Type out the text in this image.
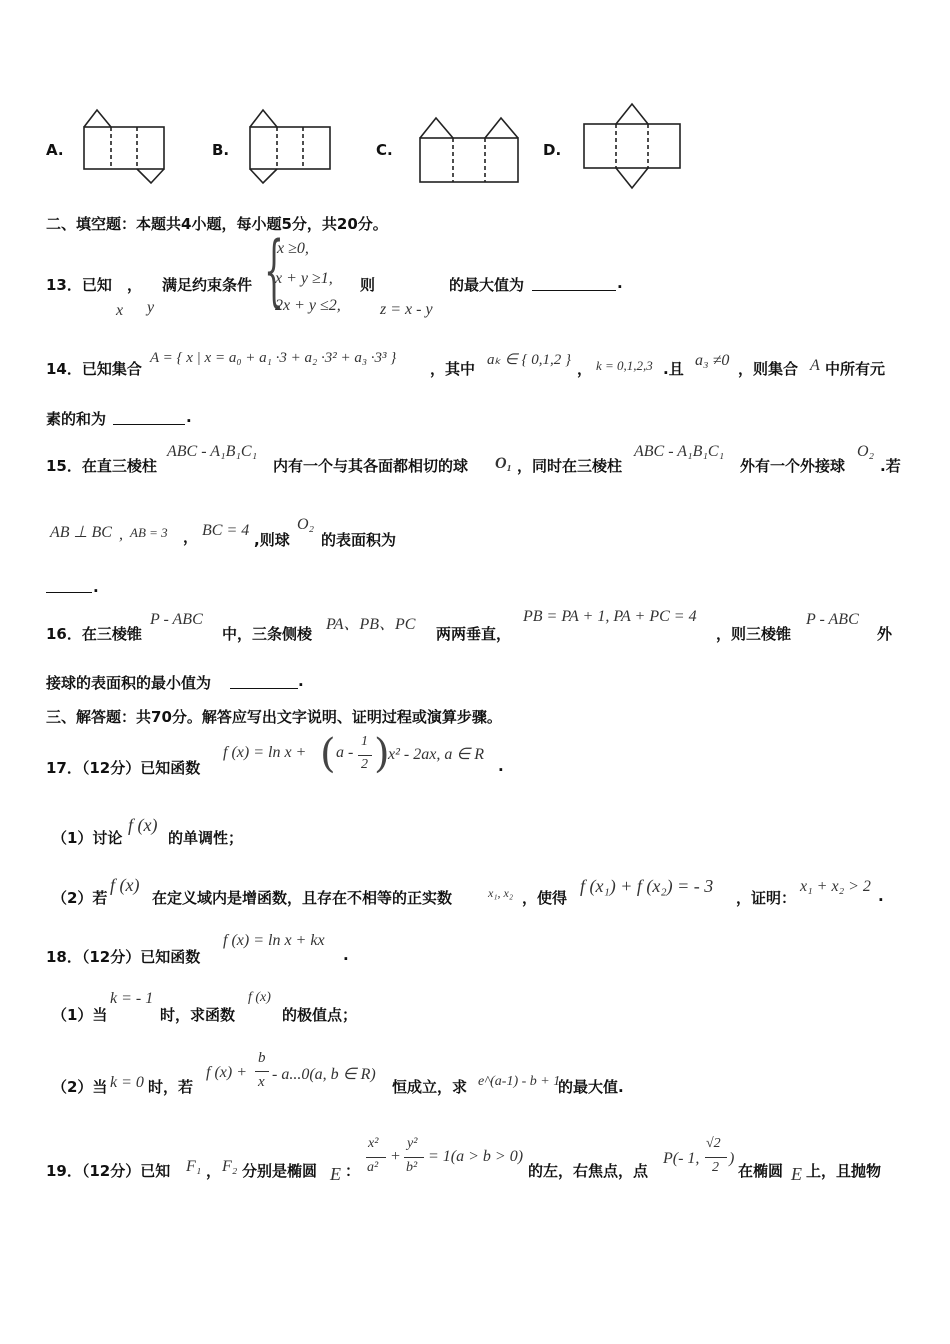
A.	B.	C.	D.
二、填空题：本题共4小题，每小题5分，共20分。
13．已知 ，
x y
满足约束条件 {
x ≥0,
x + y ≥1,
2x + y ≤2,
则
z = x - y
的最大值为	.
14．已知集合
A = { x | x = a₀ + a₁ ·3 + a₂ ·3² + a₃ ·3³ }
，其中 aₖ ∈ { 0,1,2 } ， k = 0,1,2,3 .且 a₃ ≠0 ，则集合 A 中所有元
素的和为	.
15．在直三棱柱
ABC - A₁B₁C₁
内有一个与其各面都相切的球 O₁ ，同时在三棱柱
ABC - A₁B₁C₁
外有一个外接球
O₂
.若
AB ⊥ BC , AB = 3 ， BC = 4
,则球
O₂
的表面积为
.
16．在三棱锥
P - ABC
中，三条侧棱
PA、PB、PC
两两垂直，
PB = PA + 1, PA + PC = 4
，则三棱锥
P - ABC
外
接球的表面积的最小值为	.
三、解答题：共70分。解答应写出文字说明、证明过程或演算步骤。
17．（12分）已知函数
f (x) = ln x + ( a -
1
2 )
x² - 2ax, a ∈ R
.
（1）讨论
f (x)
的单调性；
（2）若
f (x)
在定义域内是增函数，且存在不相等的正实数	x₁, x₂ ，使得
f (x₁) + f (x₂) = - 3
，证明：
x₁ + x₂ > 2
.
18．（12分）已知函数
f (x) = ln x + kx
.
（1）当
k = - 1
时，求函数
f (x)
的极值点；
（2）当 k = 0 时，若
f (x) +
b
x - a...0(a, b ∈ R)
恒成立，求 e^(a-1) - b + 1
的最大值.
19．（12分）已知 F₁ ， F₂ 分别是椭圆 E ：
x²
a²
+
y²
b²
= 1(a > b > 0)
的左，右焦点，点
P(- 1,
√2
2
)
在椭圆 E 上，且抛物
